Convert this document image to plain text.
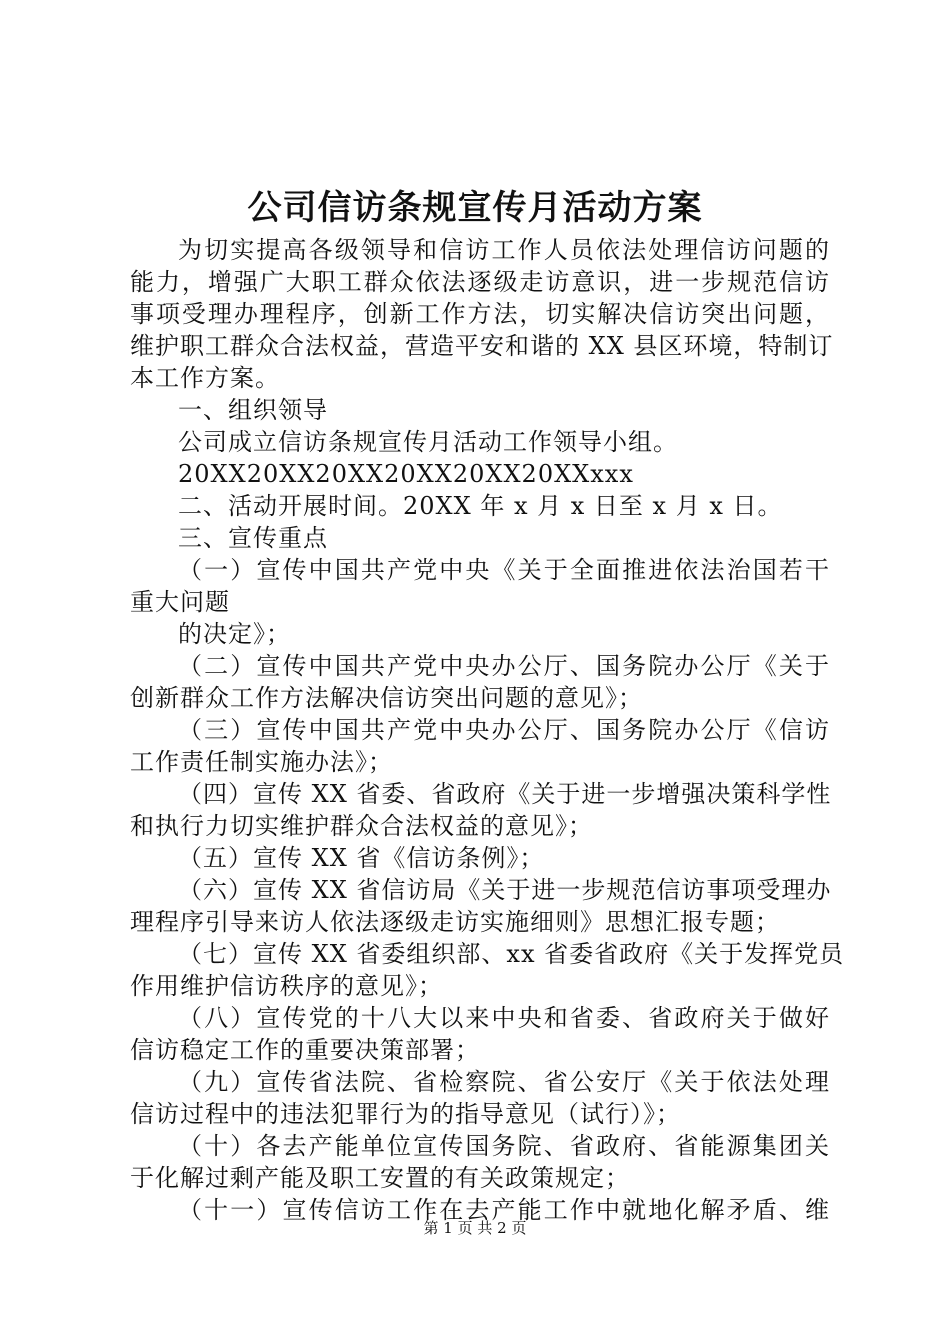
公司信访条规宣传月活动方案
为切实提高各级领导和信访工作人员依法处理信访问题的
能力，增强广大职工群众依法逐级走访意识，进一步规范信访
事项受理办理程序，创新工作方法，切实解决信访突出问题，
维护职工群众合法权益，营造平安和谐的 XX 县区环境，特制订
本工作方案。
一、组织领导
公司成立信访条规宣传月活动工作领导小组。
20XX20XX20XX20XX20XX20XXxxx
二、活动开展时间。20XX 年 x 月 x 日至 x 月 x 日。
三、宣传重点
（一）宣传中国共产党中央《关于全面推进依法治国若干
重大问题
的决定》；
（二）宣传中国共产党中央办公厅、国务院办公厅《关于
创新群众工作方法解决信访突出问题的意见》；
（三）宣传中国共产党中央办公厅、国务院办公厅《信访
工作责任制实施办法》；
（四）宣传 XX 省委、省政府《关于进一步增强决策科学性
和执行力切实维护群众合法权益的意见》；
（五）宣传 XX 省《信访条例》；
（六）宣传 XX 省信访局《关于进一步规范信访事项受理办
理程序引导来访人依法逐级走访实施细则》思想汇报专题；
（七）宣传 XX 省委组织部、xx 省委省政府《关于发挥党员
作用维护信访秩序的意见》；
（八）宣传党的十八大以来中央和省委、省政府关于做好
信访稳定工作的重要决策部署；
（九）宣传省法院、省检察院、省公安厅《关于依法处理
信访过程中的违法犯罪行为的指导意见（试行）》；
（十）各去产能单位宣传国务院、省政府、省能源集团关
于化解过剩产能及职工安置的有关政策规定；
（十一）宣传信访工作在去产能工作中就地化解矛盾、维
第 1 页 共 2 页
